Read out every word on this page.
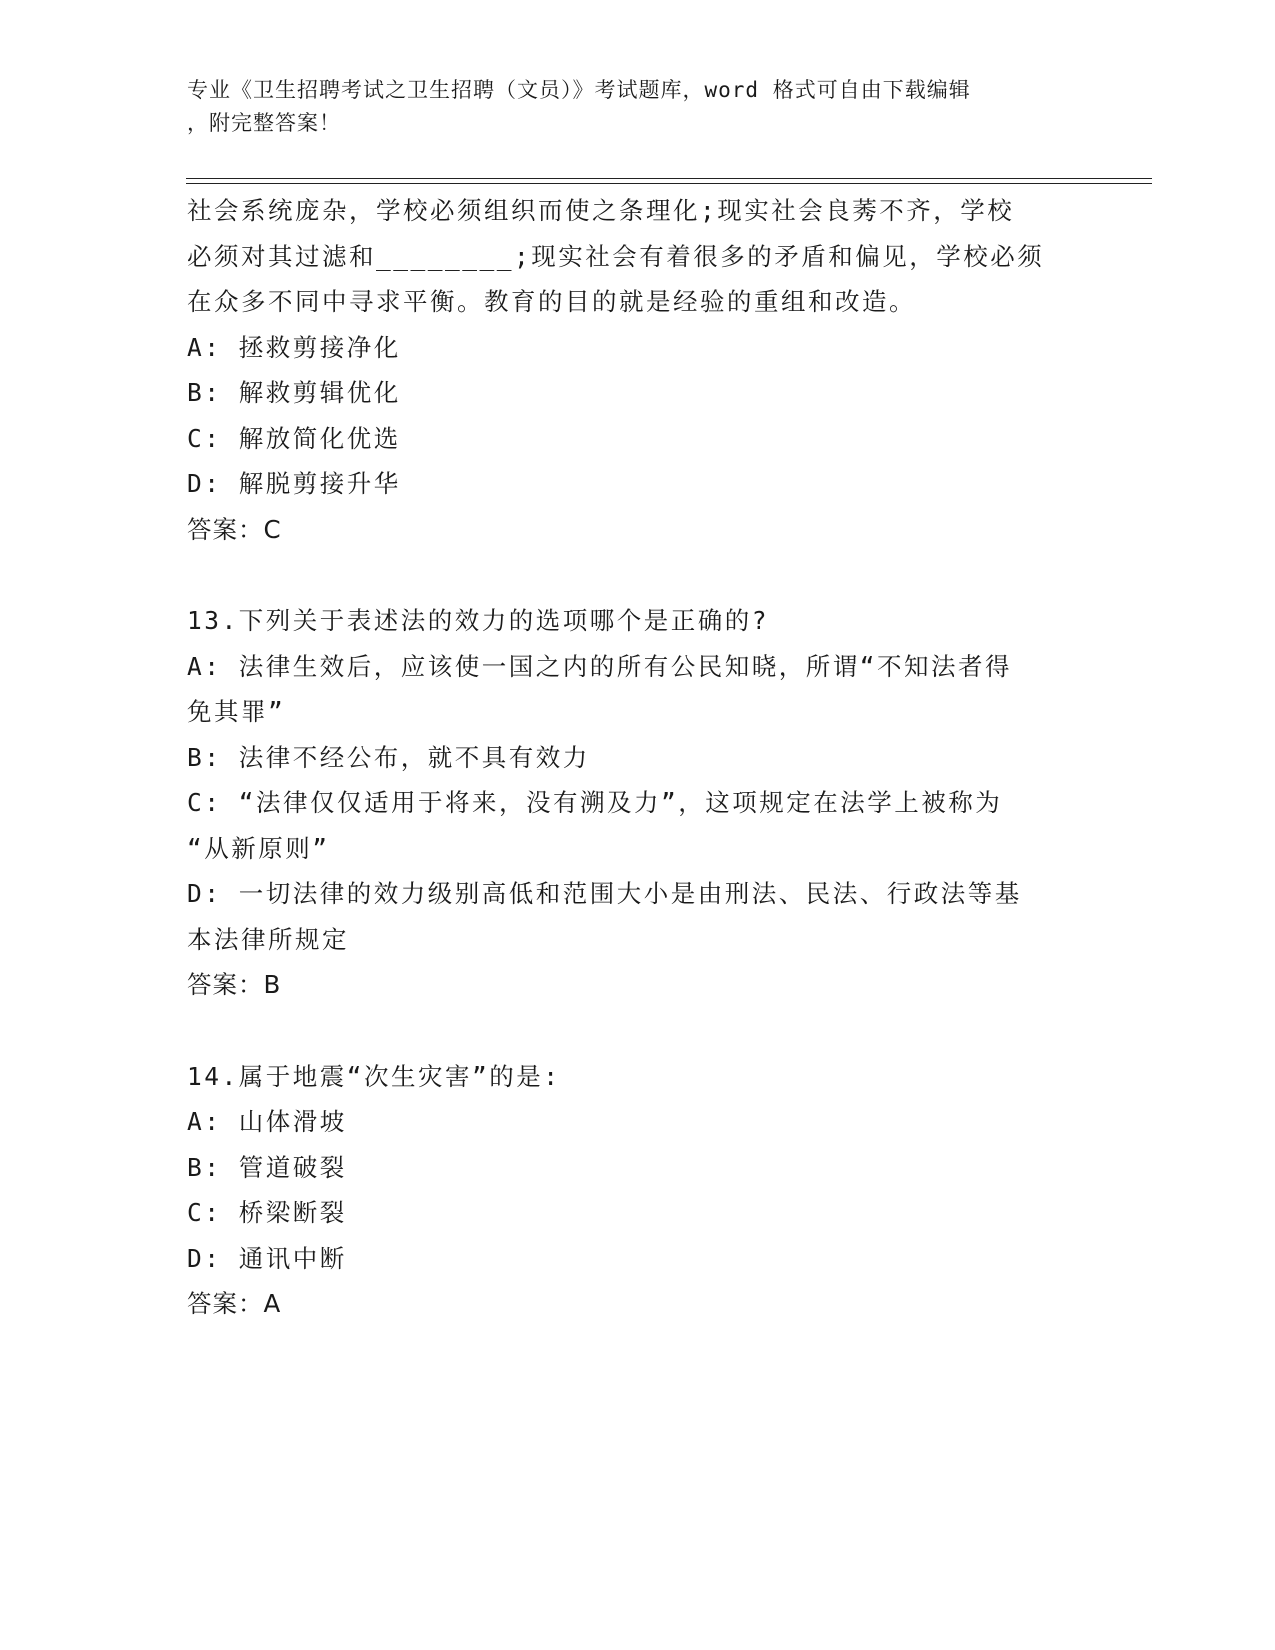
专业《卫生招聘考试之卫生招聘（文员）》考试题库，word 格式可自由下载编辑
，附完整答案！

社会系统庞杂，学校必须组织而使之条理化;现实社会良莠不齐，学校

必须对其过滤和________;现实社会有着很多的矛盾和偏见，学校必须

在众多不同中寻求平衡。教育的目的就是经验的重组和改造。

A: 拯救剪接净化

B: 解救剪辑优化

C: 解放简化优选

D: 解脱剪接升华

答案：C

13.下列关于表述法的效力的选项哪个是正确的?

A: 法律生效后，应该使一国之内的所有公民知晓，所谓“不知法者得

免其罪”

B: 法律不经公布，就不具有效力

C: “法律仅仅适用于将来，没有溯及力”，这项规定在法学上被称为

“从新原则”

D: 一切法律的效力级别高低和范围大小是由刑法、民法、行政法等基

本法律所规定

答案：B

14.属于地震“次生灾害”的是:

A: 山体滑坡

B: 管道破裂

C: 桥梁断裂

D: 通讯中断

答案：A
